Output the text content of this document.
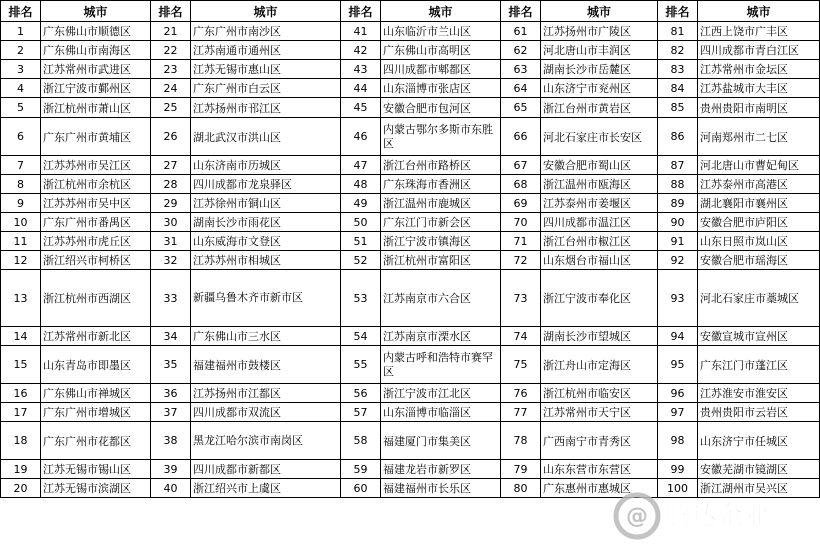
排名	城市	排名	城市	排名	城市	排名	城市	排名	城市
1	广东佛山市顺德区	21	广东广州市南沙区	41	山东临沂市兰山区	61	江苏扬州市广陵区	81	江西上饶市广丰区
2	广东佛山市南海区	22	江苏南通市通州区	42	广东佛山市高明区	62	河北唐山市丰润区	82	四川成都市青白江区
3	江苏常州市武进区	23	江苏无锡市惠山区	43	四川成都市郫都区	63	湖南长沙市岳麓区	83	江苏常州市金坛区
4	浙江宁波市鄞州区	24	广东广州市白云区	44	山东淄博市张店区	64	山东济宁市兖州区	84	江苏盐城市大丰区
5	浙江杭州市萧山区	25	江苏扬州市邗江区	45	安徽合肥市包河区	65	浙江台州市黄岩区	85	贵州贵阳市南明区
6	广东广州市黄埔区	26	湖北武汉市洪山区	46	内蒙古鄂尔多斯市东胜区	66	河北石家庄市长安区	86	河南郑州市二七区
7	江苏苏州市吴江区	27	山东济南市历城区	47	浙江台州市路桥区	67	安徽合肥市蜀山区	87	河北唐山市曹妃甸区
8	浙江杭州市余杭区	28	四川成都市龙泉驿区	48	广东珠海市香洲区	68	浙江温州市瓯海区	88	江苏泰州市高港区
9	江苏苏州市吴中区	29	江苏徐州市铜山区	49	浙江温州市鹿城区	69	江苏泰州市姜堰区	89	湖北襄阳市襄州区
10	广东广州市番禺区	30	湖南长沙市雨花区	50	广东江门市新会区	70	四川成都市温江区	90	安徽合肥市庐阳区
11	江苏苏州市虎丘区	31	山东威海市文登区	51	浙江宁波市镇海区	71	浙江台州市椒江区	91	山东日照市岚山区
12	浙江绍兴市柯桥区	32	江苏苏州市相城区	52	浙江杭州市富阳区	72	山东烟台市福山区	92	安徽合肥市瑶海区
13	浙江杭州市西湖区	33	新疆乌鲁木齐市新市区	53	江苏南京市六合区	73	浙江宁波市奉化区	93	河北石家庄市藁城区
14	江苏常州市新北区	34	广东佛山市三水区	54	江苏南京市溧水区	74	湖南长沙市望城区	94	安徽宣城市宣州区
15	山东青岛市即墨区	35	福建福州市鼓楼区	55	内蒙古呼和浩特市赛罕区	75	浙江舟山市定海区	95	广东江门市蓬江区
16	广东佛山市禅城区	36	江苏扬州市江都区	56	浙江宁波市江北区	76	浙江杭州市临安区	96	江苏淮安市淮安区
17	广东广州市增城区	37	四川成都市双流区	57	山东淄博市临淄区	77	江苏常州市天宁区	97	贵州贵阳市云岩区
18	广东广州市花都区	38	黑龙江哈尔滨市南岗区	58	福建厦门市集美区	78	广西南宁市青秀区	98	山东济宁市任城区
19	江苏无锡市锡山区	39	四川成都市新都区	59	福建龙岩市新罗区	79	山东东营市东营区	99	安徽芜湖市镜湖区
20	江苏无锡市滨湖区	40	浙江绍兴市上虞区	60	福建福州市长乐区	80	广东惠州市惠城区	100	浙江湖州市吴兴区
@ 腾达企业
